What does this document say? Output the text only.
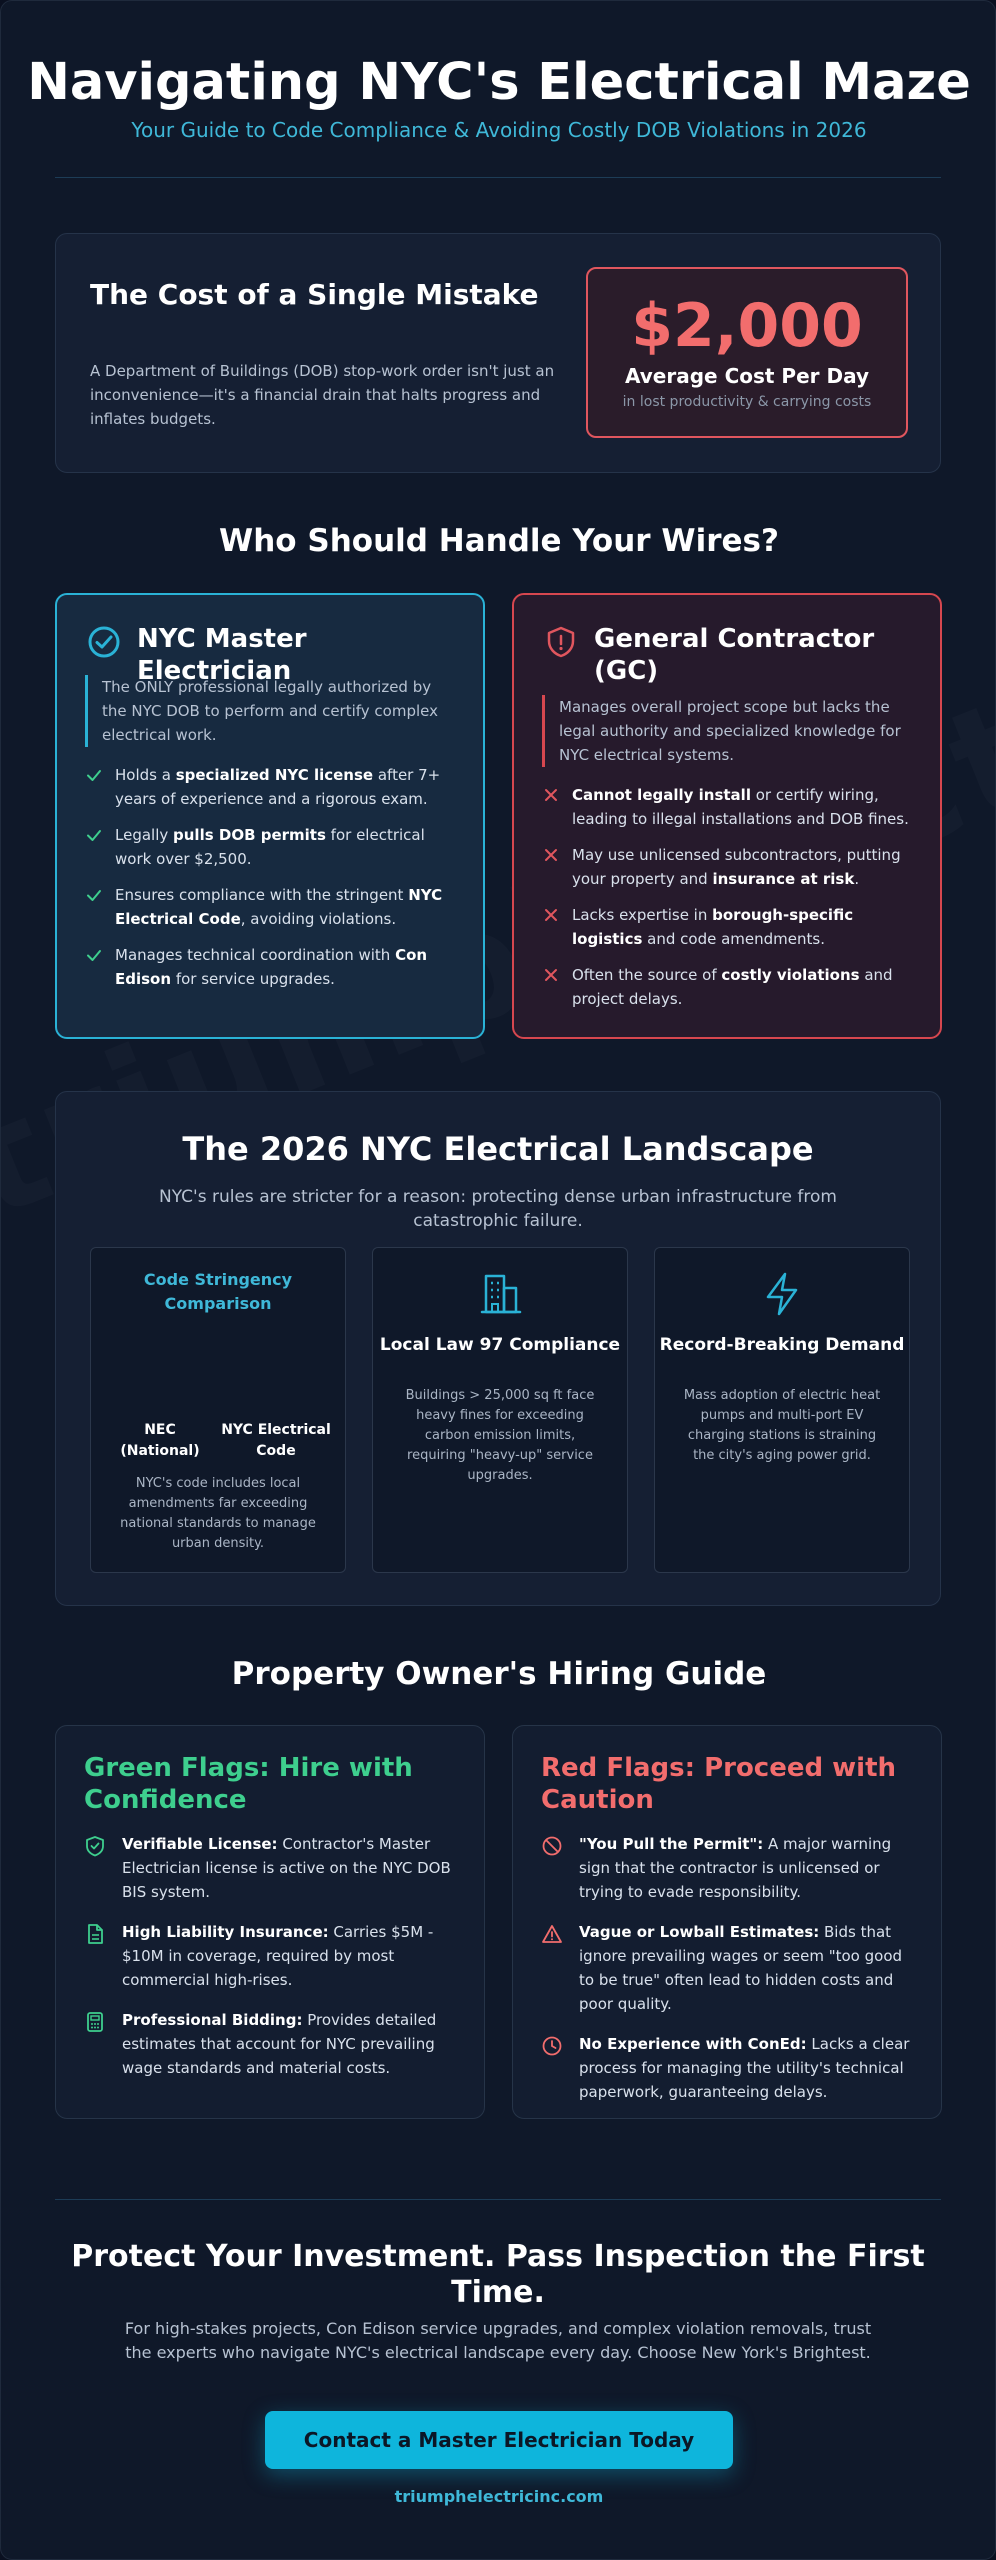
Navigating NYC's Electrical Maze
Your Guide to Code Compliance & Avoiding Costly DOB Violations in 2026
The Cost of a Single Mistake
A Department of Buildings (DOB) stop-work order isn't just an inconvenience—it's a financial drain that halts progress and inflates budgets.
$2,000
Average Cost Per Day
in lost productivity & carrying costs
Who Should Handle Your Wires?
NYC Master Electrician
The ONLY professional legally authorized by the NYC DOB to perform and certify complex electrical work.
Holds a specialized NYC license after 7+ years of experience and a rigorous exam.
Legally pulls DOB permits for electrical work over $2,500.
Ensures compliance with the stringent NYC Electrical Code, avoiding violations.
Manages technical coordination with Con Edison for service upgrades.
General Contractor (GC)
Manages overall project scope but lacks the legal authority and specialized knowledge for NYC electrical systems.
Cannot legally install or certify wiring, leading to illegal installations and DOB fines.
May use unlicensed subcontractors, putting your property and insurance at risk.
Lacks expertise in borough-specific logistics and code amendments.
Often the source of costly violations and project delays.
The 2026 NYC Electrical Landscape
NYC's rules are stricter for a reason: protecting dense urban infrastructure from catastrophic failure.
Code Stringency Comparison
NEC (National)
NYC Electrical Code
NYC's code includes local amendments far exceeding national standards to manage urban density.
Local Law 97 Compliance
Buildings > 25,000 sq ft face heavy fines for exceeding carbon emission limits, requiring "heavy-up" service upgrades.
Record-Breaking Demand
Mass adoption of electric heat pumps and multi-port EV charging stations is straining the city's aging power grid.
Property Owner's Hiring Guide
Green Flags: Hire with Confidence
Verifiable License: Contractor's Master Electrician license is active on the NYC DOB BIS system.
High Liability Insurance: Carries $5M - $10M in coverage, required by most commercial high-rises.
Professional Bidding: Provides detailed estimates that account for NYC prevailing wage standards and material costs.
Red Flags: Proceed with Caution
"You Pull the Permit": A major warning sign that the contractor is unlicensed or trying to evade responsibility.
Vague or Lowball Estimates: Bids that ignore prevailing wages or seem "too good to be true" often lead to hidden costs and poor quality.
No Experience with ConEd: Lacks a clear process for managing the utility's technical paperwork, guaranteeing delays.
Protect Your Investment. Pass Inspection the First Time.
For high-stakes projects, Con Edison service upgrades, and complex violation removals, trust the experts who navigate NYC's electrical landscape every day. Choose New York's Brightest.
Contact a Master Electrician Today
triumphelectricinc.com
